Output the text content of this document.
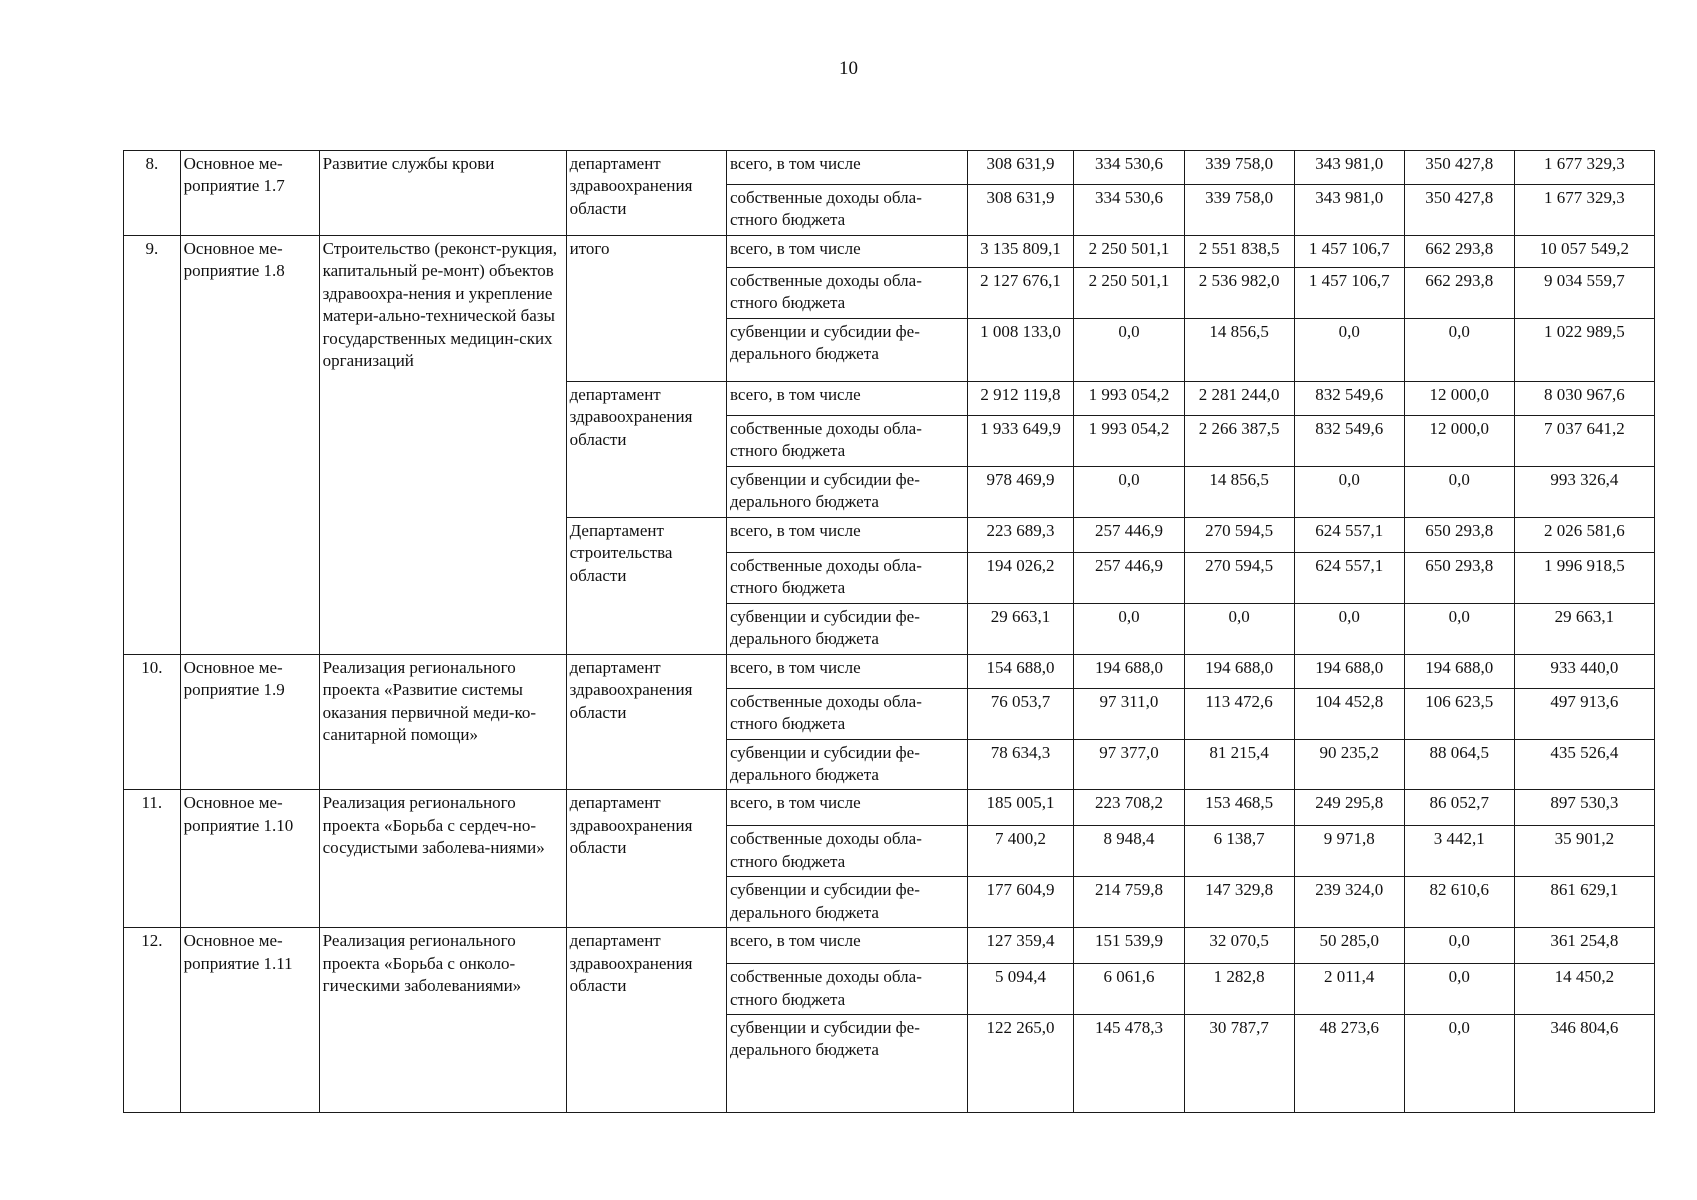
10
8.	Основное ме-роприятие 1.7	Развитие службы крови	департамент здравоохранения области	всего, в том числе	308 631,9	334 530,6	339 758,0	343 981,0	350 427,8	1 677 329,3
				собственные доходы обла-стного бюджета	308 631,9	334 530,6	339 758,0	343 981,0	350 427,8	1 677 329,3
9.	Основное ме-роприятие 1.8	Строительство (реконст-рукция, капитальный ре-монт) объектов здравоохра-нения и укрепление матери-ально-технической базы государственных медицин-ских организаций	итого	всего, в том числе	3 135 809,1	2 250 501,1	2 551 838,5	1 457 106,7	662 293,8	10 057 549,2
				собственные доходы обла-стного бюджета	2 127 676,1	2 250 501,1	2 536 982,0	1 457 106,7	662 293,8	9 034 559,7
				субвенции и субсидии фе-дерального бюджета	1 008 133,0	0,0	14 856,5	0,0	0,0	1 022 989,5
			департамент здравоохранения области	всего, в том числе	2 912 119,8	1 993 054,2	2 281 244,0	832 549,6	12 000,0	8 030 967,6
				собственные доходы обла-стного бюджета	1 933 649,9	1 993 054,2	2 266 387,5	832 549,6	12 000,0	7 037 641,2
				субвенции и субсидии фе-дерального бюджета	978 469,9	0,0	14 856,5	0,0	0,0	993 326,4
			Департамент строительства области	всего, в том числе	223 689,3	257 446,9	270 594,5	624 557,1	650 293,8	2 026 581,6
				собственные доходы обла-стного бюджета	194 026,2	257 446,9	270 594,5	624 557,1	650 293,8	1 996 918,5
				субвенции и субсидии фе-дерального бюджета	29 663,1	0,0	0,0	0,0	0,0	29 663,1
10.	Основное ме-роприятие 1.9	Реализация регионального проекта «Развитие системы оказания первичной меди-ко-санитарной помощи»	департамент здравоохранения области	всего, в том числе	154 688,0	194 688,0	194 688,0	194 688,0	194 688,0	933 440,0
				собственные доходы обла-стного бюджета	76 053,7	97 311,0	113 472,6	104 452,8	106 623,5	497 913,6
				субвенции и субсидии фе-дерального бюджета	78 634,3	97 377,0	81 215,4	90 235,2	88 064,5	435 526,4
11.	Основное ме-роприятие 1.10	Реализация регионального проекта «Борьба с сердеч-но-сосудистыми заболева-ниями»	департамент здравоохранения области	всего, в том числе	185 005,1	223 708,2	153 468,5	249 295,8	86 052,7	897 530,3
				собственные доходы обла-стного бюджета	7 400,2	8 948,4	6 138,7	9 971,8	3 442,1	35 901,2
				субвенции и субсидии фе-дерального бюджета	177 604,9	214 759,8	147 329,8	239 324,0	82 610,6	861 629,1
12.	Основное ме-роприятие 1.11	Реализация регионального проекта «Борьба с онколо-гическими заболеваниями»	департамент здравоохранения области	всего, в том числе	127 359,4	151 539,9	32 070,5	50 285,0	0,0	361 254,8
				собственные доходы обла-стного бюджета	5 094,4	6 061,6	1 282,8	2 011,4	0,0	14 450,2
				субвенции и субсидии фе-дерального бюджета	122 265,0	145 478,3	30 787,7	48 273,6	0,0	346 804,6
